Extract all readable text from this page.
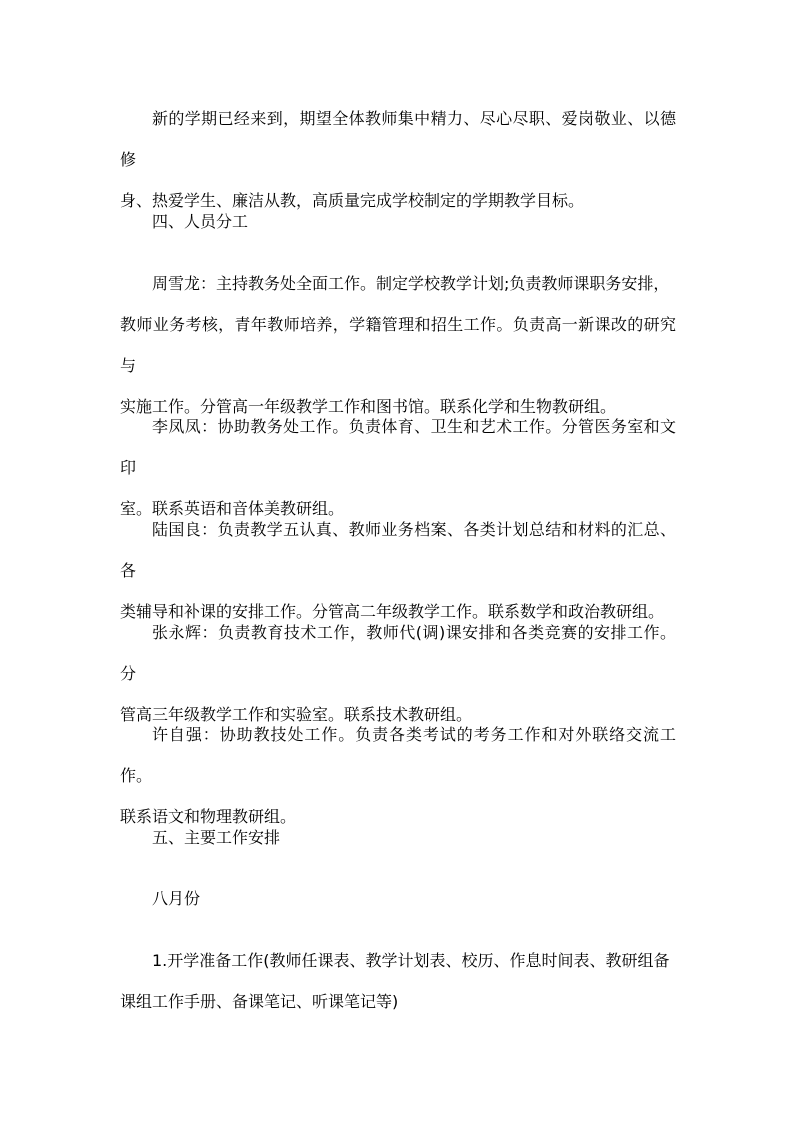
新的学期已经来到，期望全体教师集中精力、尽心尽职、爱岗敬业、以德修
身、热爱学生、廉洁从教，高质量完成学校制定的学期教学目标。

四、人员分工

周雪龙：主持教务处全面工作。制定学校教学计划;负责教师课职务安排，
教师业务考核，青年教师培养，学籍管理和招生工作。负责高一新课改的研究与
实施工作。分管高一年级教学工作和图书馆。联系化学和生物教研组。

李凤凤：协助教务处工作。负责体育、卫生和艺术工作。分管医务室和文印
室。联系英语和音体美教研组。

陆国良：负责教学五认真、教师业务档案、各类计划总结和材料的汇总、各
类辅导和补课的安排工作。分管高二年级教学工作。联系数学和政治教研组。

张永辉：负责教育技术工作，教师代(调)课安排和各类竞赛的安排工作。分
管高三年级教学工作和实验室。联系技术教研组。

许自强：协助教技处工作。负责各类考试的考务工作和对外联络交流工作。
联系语文和物理教研组。

五、主要工作安排

八月份

1.开学准备工作(教师任课表、教学计划表、校历、作息时间表、教研组备
课组工作手册、备课笔记、听课笔记等)
